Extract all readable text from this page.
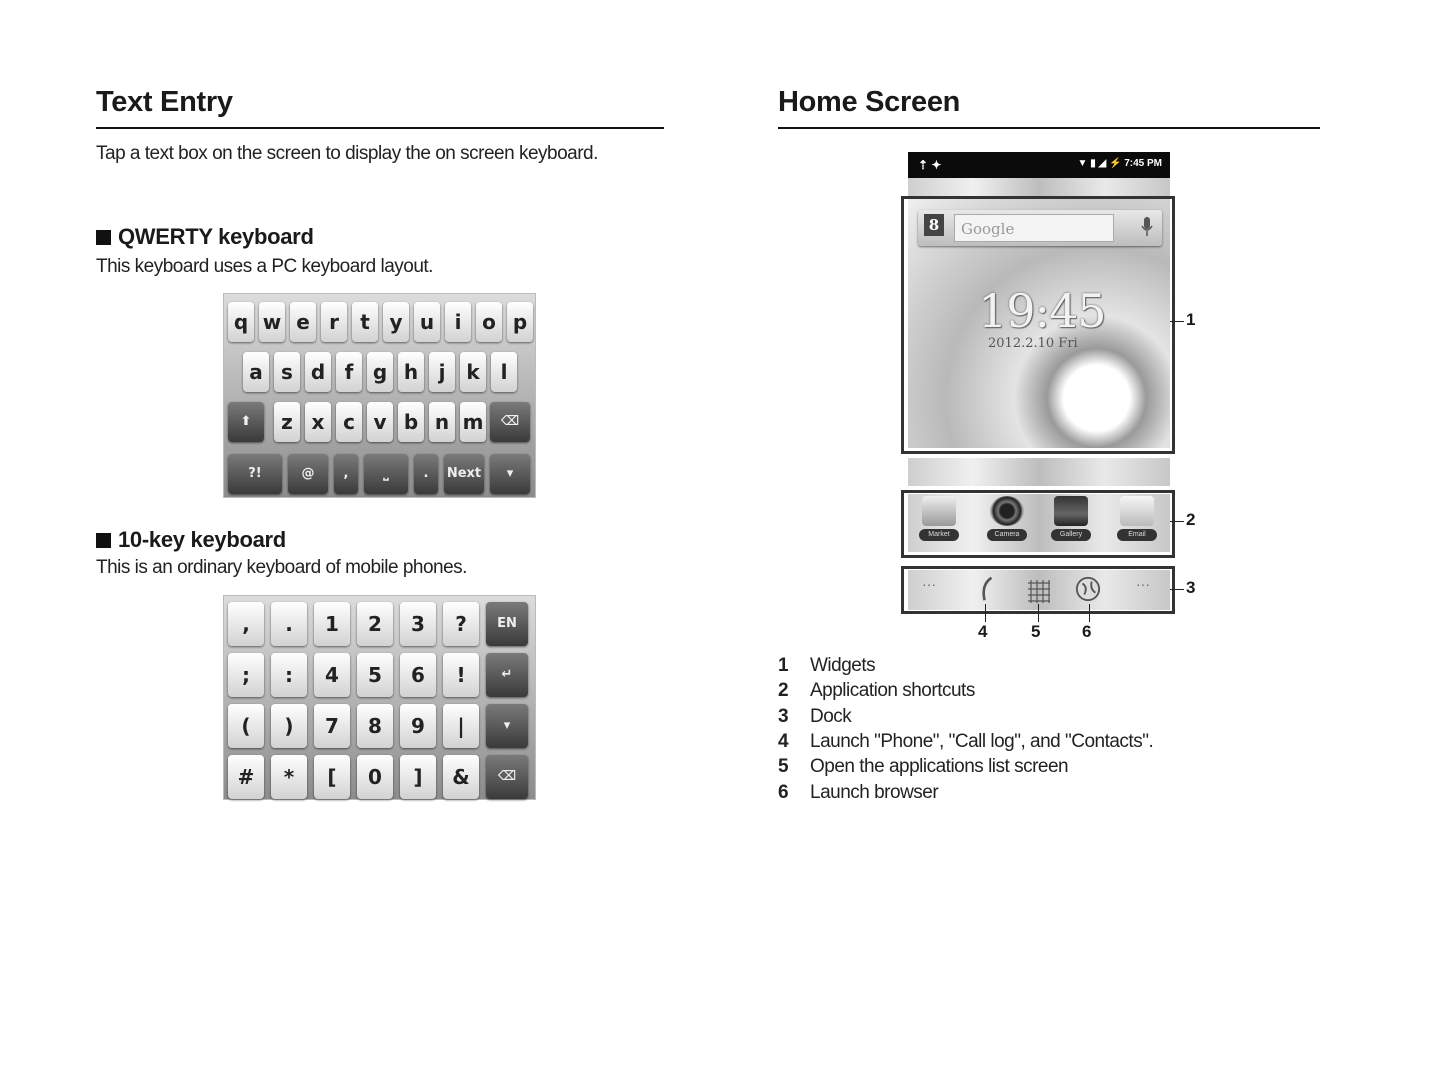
Text Entry
Tap a text box on the screen to display the on screen keyboard.
QWERTY keyboard
This keyboard uses a PC keyboard layout.
q w e r	t y u	i	o p
a s d f g h	j	k	l
⬆	z x c v b n m	⌫
?!	@	,	⎵	.	Next	▾
10-key keyboard
This is an ordinary keyboard of mobile phones.
,	.	1	2	3	?	EN
;	:	4	5	6	!	↵
(	)	7	8	9	|	▾
#	*	[	0	]	&	⌫
Home Screen
⇡ ✦	▼ ▮ ◢ ⚡ 7:45 PM
8	Google
19:45
2012.2.10 Fri
Market	Camera	Gallery	Email
···	···
1
2
3
4	5 6
1	Widgets
2	Application shortcuts
3	Dock
4	Launch "Phone", "Call log", and "Contacts".
5	Open the applications list screen
6	Launch browser
